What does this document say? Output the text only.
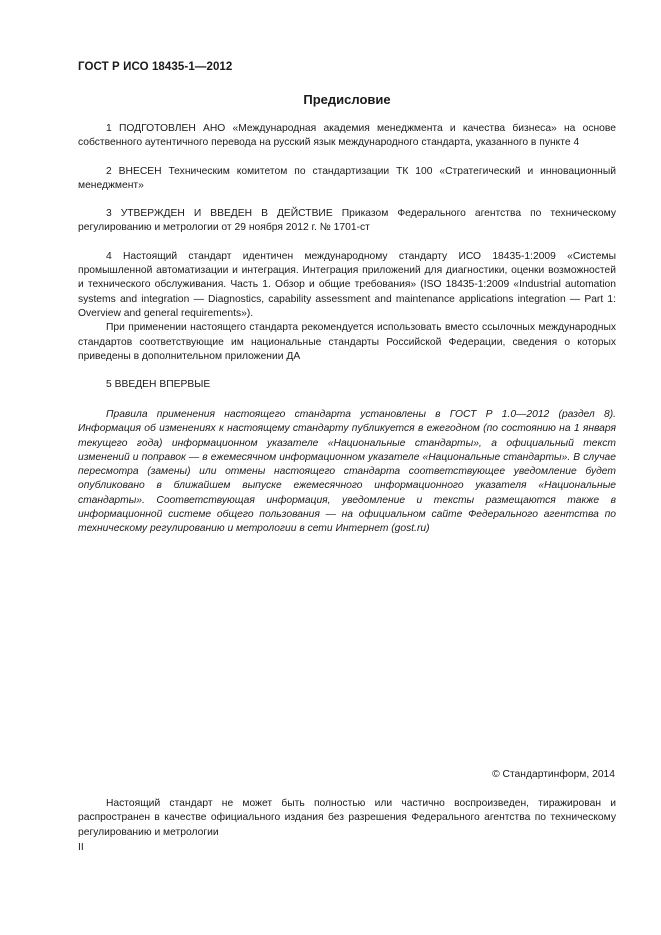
ГОСТ Р ИСО 18435-1—2012
Предисловие

1 ПОДГОТОВЛЕН АНО «Международная академия менеджмента и качества бизнеса» на основе собственного аутентичного перевода на русский язык международного стандарта, указанного в пункте 4

2 ВНЕСЕН Техническим комитетом по стандартизации ТК 100 «Стратегический и инновационный менеджмент»

3 УТВЕРЖДЕН И ВВЕДЕН В ДЕЙСТВИЕ Приказом Федерального агентства по техническому регулированию и метрологии от 29 ноября 2012 г. № 1701-ст

4 Настоящий стандарт идентичен международному стандарту ИСО 18435-1:2009 «Системы промышленной автоматизации и интеграция. Интеграция приложений для диагностики, оценки возможностей и технического обслуживания. Часть 1. Обзор и общие требования» (ISO 18435-1:2009 «Industrial automation systems and integration — Diagnostics, capability assessment and maintenance applications integration — Part 1: Overview and general requirements»).

При применении настоящего стандарта рекомендуется использовать вместо ссылочных международных стандартов соответствующие им национальные стандарты Российской Федерации, сведения о которых приведены в дополнительном приложении ДА

5 ВВЕДЕН ВПЕРВЫЕ

Правила применения настоящего стандарта установлены в ГОСТ Р 1.0—2012 (раздел 8). Информация об изменениях к настоящему стандарту публикуется в ежегодном (по состоянию на 1 января текущего года) информационном указателе «Национальные стандарты», а официальный текст изменений и поправок — в ежемесячном информационном указателе «Национальные стандарты». В случае пересмотра (замены) или отмены настоящего стандарта соответствующее уведомление будет опубликовано в ближайшем выпуске ежемесячного информационного указателя «Национальные стандарты». Соответствующая информация, уведомление и тексты размещаются также в информационной системе общего пользования — на официальном сайте Федерального агентства по техническому регулированию и метрологии в сети Интернет (gost.ru)
© Стандартинформ, 2014
Настоящий стандарт не может быть полностью или частично воспроизведен, тиражирован и распространен в качестве официального издания без разрешения Федерального агентства по техническому регулированию и метрологии
II
